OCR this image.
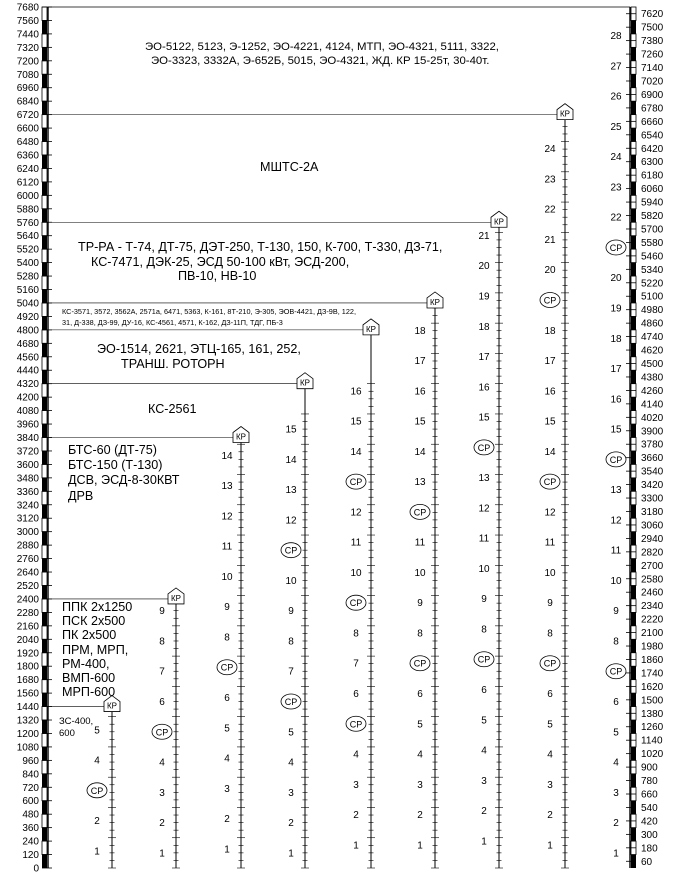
0
120
240
360
480
600
720
840
960
1080
1200
1320
1440
1560
1680
1800
1920
2040
2160
2280
2400
2520
2640
2760
2880
3000
3120
3240
3360
3480
3600
3720
3840
3960
4080
4200
4320
4440
4560
4680
4800
4920
5040
5160
5280
5400
5520
5640
5760
5880
6000
6120
6240
6360
6480
6600
6720
6840
6960
7080
7200
7320
7440
7560
7680
60
180
300
420
540
660
780
900
1020
1140
1260
1380
1500
1620
1740
1860
1980
2100
2220
2340
2460
2580
2700
2820
2940
3060
3180
3300
3420
3540
3660
3780
3900
4020
4140
4260
4380
4500
4620
4740
4860
4980
5100
5220
5340
5460
5580
5700
5820
5940
6060
6180
6300
6420
6540
6660
6780
6900
7020
7140
7260
7380
7500
7620
1
2
4
5
1
2
3
4
6
7
8
9
1
2
3
4
5
6
8
9
10
11
12
13
14
1
2
3
4
5
7
8
9
10
12
13
14
15
1
2
3
4
6
7
8
10
11
12
14
15
16
1
2
3
4
5
6
8
9
10
11
13
14
15
16
17
18
1
2
3
4
5
6
8
9
10
11
12
13
15
16
17
18
19
20
21
1
2
3
4
5
6
8
9
10
11
12
14
15
16
17
18
20
21
22
23
24
1
2
3
4
5
6
8
9
10
11
12
13
15
16
17
18
19
20
22
23
24
25
26
27
28
КР
СР
КР
СР
КР
СР
КР
СР
СР
КР
СР
СР
СР
КР
СР
СР
КР
СР
СР
КР
СР
СР
СР
СР
СР
СР
ЗС-400,
600
ППК 2x1250
ПСК 2x500
ПК 2x500
ПРМ, МРП,
РМ-400,
ВМП-600
МРП-600
БТС-60 (ДТ-75)
БТС-150 (Т-130)
ДСВ, ЭСД-8-30КВТ
ДРВ
КС-2561
ЭО-1514, 2621, ЭТЦ-165, 161, 252,
ТРАНШ. РОТОРН
КС-3571, 3572, 3562А, 2571а, 6471, 5363, К-161, 8Т-210, Э-305, ЭОВ-4421, ДЗ-9В, 122,
31, Д-338, ДЗ-99, ДУ-16, КС-4561, 4571, К-162, ДЗ-11П, ТДГ, ПБ-3
ТР-РА - Т-74, ДТ-75, ДЭТ-250, Т-130, 150, К-700, Т-330, ДЗ-71,
КС-7471, ДЭК-25, ЭСД 50-100 кВт, ЭСД-200,
ПВ-10, НВ-10
МШТС-2А
ЭО-5122, 5123, Э-1252, ЭО-4221, 4124, МТП, ЭО-4321, 5111, 3322,
ЭО-3323, 3332А, Э-652Б, 5015, ЭО-4321, ЖД. КР 15-25т, 30-40т.
